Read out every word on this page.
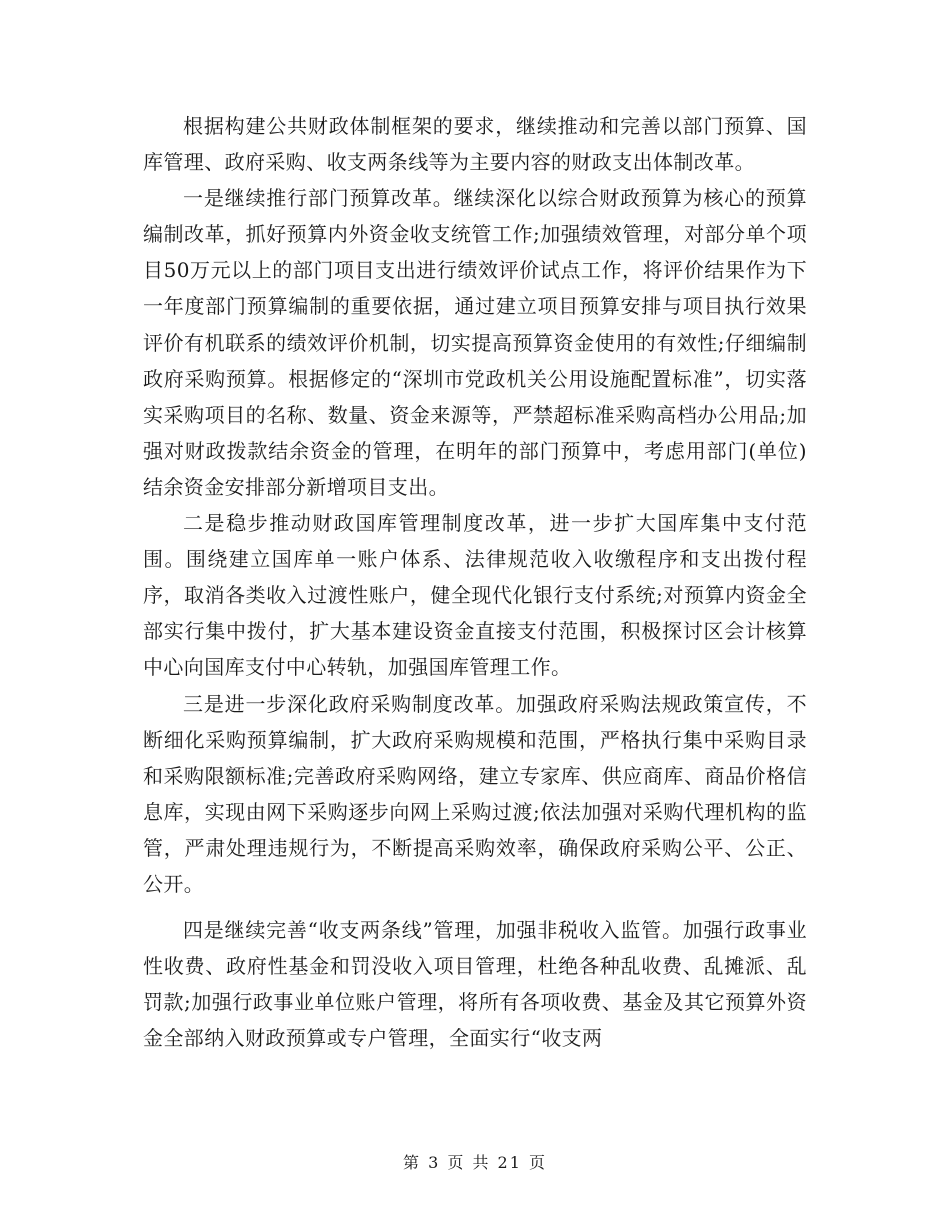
根据构建公共财政体制框架的要求，继续推动和完善以部门预算、国库管理、政府采购、收支两条线等为主要内容的财政支出体制改革。

一是继续推行部门预算改革。继续深化以综合财政预算为核心的预算编制改革，抓好预算内外资金收支统管工作;加强绩效管理，对部分单个项目50万元以上的部门项目支出进行绩效评价试点工作，将评价结果作为下一年度部门预算编制的重要依据，通过建立项目预算安排与项目执行效果评价有机联系的绩效评价机制，切实提高预算资金使用的有效性;仔细编制政府采购预算。根据修定的“深圳市党政机关公用设施配置标准”，切实落实采购项目的名称、数量、资金来源等，严禁超标准采购高档办公用品;加强对财政拨款结余资金的管理，在明年的部门预算中，考虑用部门(单位)结余资金安排部分新增项目支出。

二是稳步推动财政国库管理制度改革，进一步扩大国库集中支付范围。围绕建立国库单一账户体系、法律规范收入收缴程序和支出拨付程序，取消各类收入过渡性账户，健全现代化银行支付系统;对预算内资金全部实行集中拨付，扩大基本建设资金直接支付范围，积极探讨区会计核算中心向国库支付中心转轨，加强国库管理工作。

三是进一步深化政府采购制度改革。加强政府采购法规政策宣传，不断细化采购预算编制，扩大政府采购规模和范围，严格执行集中采购目录和采购限额标准;完善政府采购网络，建立专家库、供应商库、商品价格信息库，实现由网下采购逐步向网上采购过渡;依法加强对采购代理机构的监管，严肃处理违规行为，不断提高采购效率，确保政府采购公平、公正、公开。

四是继续完善“收支两条线”管理，加强非税收入监管。加强行政事业性收费、政府性基金和罚没收入项目管理，杜绝各种乱收费、乱摊派、乱罚款;加强行政事业单位账户管理，将所有各项收费、基金及其它预算外资金全部纳入财政预算或专户管理，全面实行“收支两

第 3 页 共 21 页
